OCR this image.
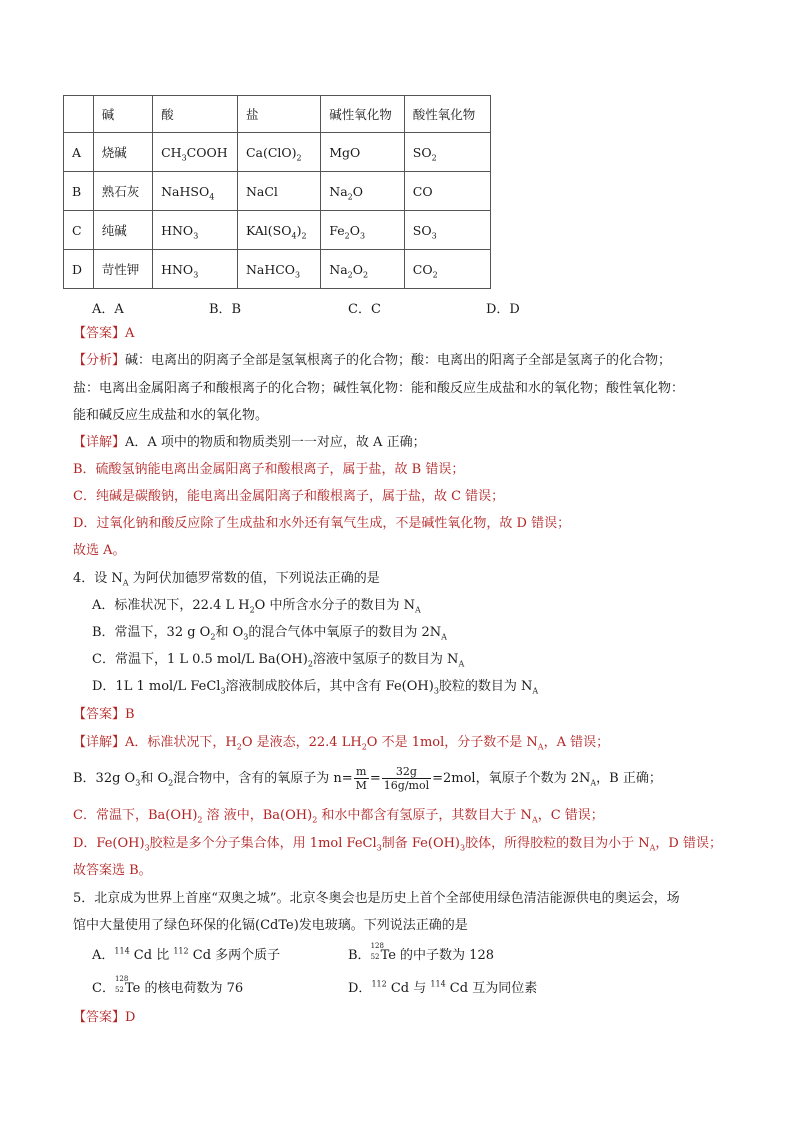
	碱	酸	盐	碱性氧化物	酸性氧化物
A	烧碱	$CH_3COOH$	$Ca(ClO)_2$	MgO	$SO_2$
B	熟石灰	NaHSO$_4$	NaCl	$Na_2O$	CO
C	纯碱	$HNO_3$	$KAl(SO_4)_2$	$Fe_2O_3$	$SO_3$
D	苛性钾	$HNO_3$	NaHCO$_3$	$Na_2O_2$	$CO_2$
A．A	B．B	C．C	D．D
【答案】A
【分析】碱：电离出的阴离子全部是氢氧根离子的化合物；酸：电离出的阳离子全部是氢离子的化合物；
盐：电离出金属阳离子和酸根离子的化合物；碱性氧化物：能和酸反应生成盐和水的氧化物；酸性氧化物：
能和碱反应生成盐和水的氧化物。
【详解】A．A 项中的物质和物质类别一一对应，故 A 正确；
B．硫酸氢钠能电离出金属阳离子和酸根离子，属于盐，故 B 错误；
C．纯碱是碳酸钠，能电离出金属阳离子和酸根离子，属于盐，故 C 错误；
D．过氧化钠和酸反应除了生成盐和水外还有氧气生成，不是碱性氧化物，故 D 错误；
故选 A。
4．设 $N_A$ 为阿伏加德罗常数的值，下列说法正确的是
A．标准状况下，22.4 L $H_2O$ 中所含水分子的数目为 $N_A$
B．常温下，32 g $O_2$和 $O_3$的混合气体中氧原子的数目为 $2N_A$
C．常温下，1 L 0.5 mol/L $Ba(OH)_2$溶液中氢原子的数目为 $N_A$
D．1L 1 mol/L FeCl$_3$溶液制成胶体后，其中含有 $Fe(OH)_3$胶粒的数目为 $N_A$
【答案】B
【详解】A．标准状况下，$H_2O$ 是液态，22.4 $LH_2O$ 不是 1mol，分子数不是 $N_A$，A 错误；
B．32g $O_3$和 $O_2$混合物中，含有的氧原子为 $n= \frac{m}{M} = \frac{32g}{\text{16g/mol}} =2mol$，氧原子个数为 $2N_A$，B 正确；
C．常温下，$Ba(OH)_2$ 溶 液中，$Ba(OH)_2$ 和水中都含有氢原子，其数目大于 $N_A$，C 错误；
D．$Fe(OH)_3$胶粒是多个分子集合体，用 1mol FeCl$_3$制备 $Fe(OH)_3$胶体，所得胶粒的数目为小于 $N_A$，D 错误；
故答案选 B。
5．北京成为世界上首座“双奥之城”。北京冬奥会也是历史上首个全部使用绿色清洁能源供电的奥运会，场
馆中大量使用了绿色环保的化镉(CdTe)发电玻璃。下列说法正确的是
A．$^{114}$ Cd 比 $^{112}$ Cd 多两个质子	B．
128
52 Te 的中子数为 128
C．
128
52 Te 的核电荷数为 76	D．$^{112}$ Cd 与 $^{114}$ Cd 互为同位素
【答案】D
